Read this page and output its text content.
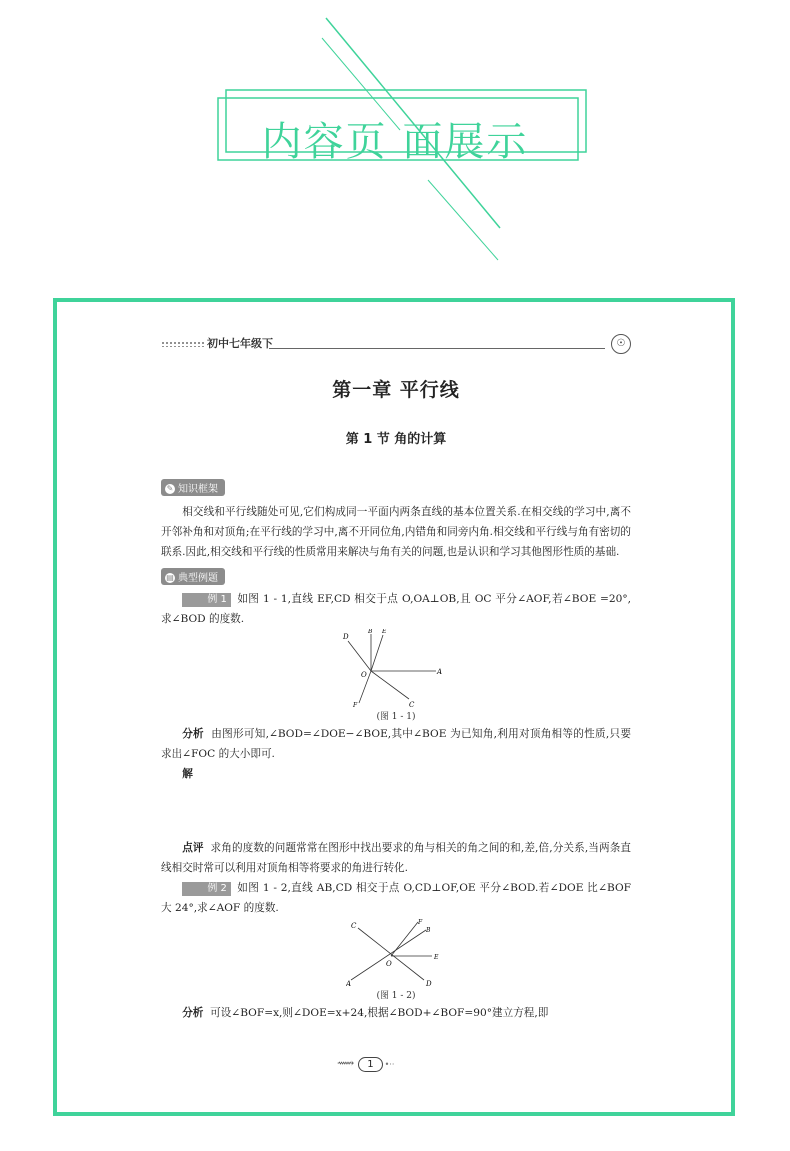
内容页 面展示
初中七年级下	☉
第一章 平行线
第 1 节 角的计算
✎ 知识框架
相交线和平行线随处可见,它们构成同一平面内两条直线的基本位置关系.在相交线的学习中,离不开邻补角和对顶角;在平行线的学习中,离不开同位角,内错角和同旁内角.相交线和平行线与角有密切的联系.因此,相交线和平行线的性质常用来解决与角有关的问题,也是认识和学习其他图形性质的基础.
▤ 典型例题
例 1 如图 1 - 1,直线 EF,CD 相交于点 O,OA⊥OB,且 OC 平分∠AOF,若∠BOE =20°,求∠BOD 的度数.
D
B E
O	A
F	C
(图 1 - 1)
分析 由图形可知,∠BOD=∠DOE−∠BOE,其中∠BOE 为已知角,利用对顶角相等的性质,只要求出∠FOC 的大小即可.
解
点评 求角的度数的问题常常在图形中找出要求的角与相关的角之间的和,差,倍,分关系,当两条直线相交时常可以利用对顶角相等将要求的角进行转化.
例 2 如图 1 - 2,直线 AB,CD 相交于点 O,CD⊥OF,OE 平分∠BOD.若∠DOE 比∠BOF 大 24°,求∠AOF 的度数.
C	F
B
E
O
A	D
(图 1 - 2)
分析 可设∠BOF=x,则∠DOE=x+24,根据∠BOD+∠BOF=90°建立方程,即
⟿ 1 •··
